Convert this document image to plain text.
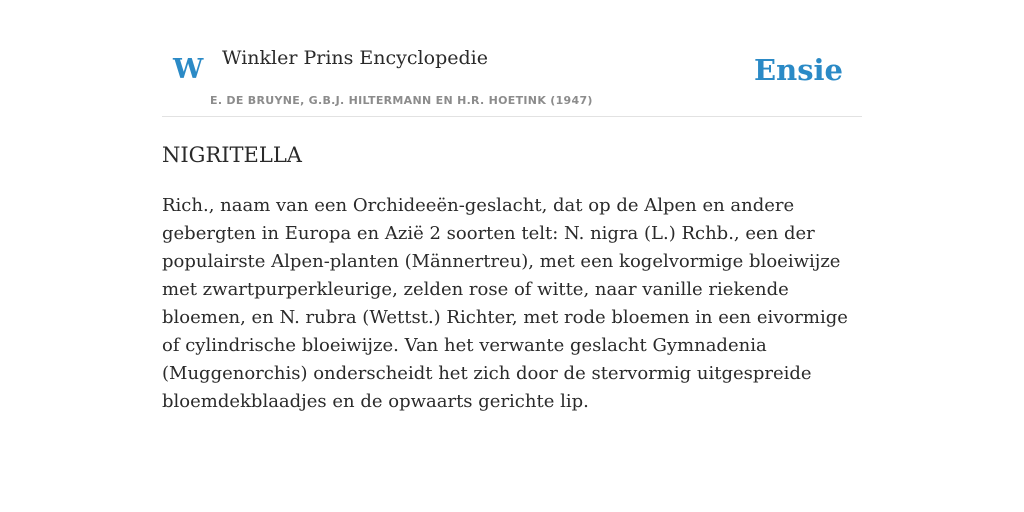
W Winkler Prins Encyclopedie
E. DE BRUYNE, G.B.J. HILTERMANN EN H.R. HOETINK (1947)
Ensie
NIGRITELLA
Rich., naam van een Orchideeën-geslacht, dat op de Alpen en andere gebergten in Europa en Azië 2 soorten telt: N. nigra (L.) Rchb., een der populairste Alpen-planten (Männertreu), met een kogelvormige bloeiwijze met zwartpurperkleurige, zelden rose of witte, naar vanille riekende bloemen, en N. rubra (Wettst.) Richter, met rode bloemen in een eivormige of cylindrische bloeiwijze. Van het verwante geslacht Gymnadenia (Muggenorchis) onderscheidt het zich door de stervormig uitgespreide bloemdekblaadjes en de opwaarts gerichte lip.
